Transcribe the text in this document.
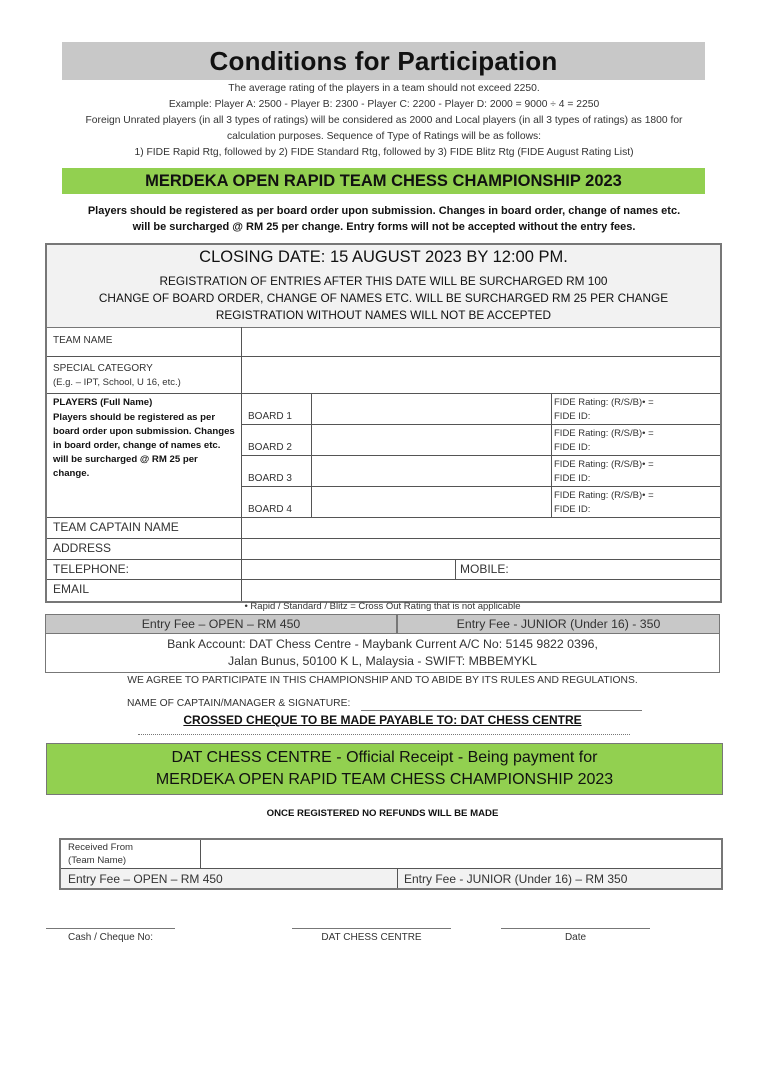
Conditions for Participation
The average rating of the players in a team should not exceed 2250.
Example: Player A: 2500 - Player B: 2300 - Player C: 2200 - Player D: 2000 = 9000 ÷ 4 = 2250
Foreign Unrated players (in all 3 types of ratings) will be considered as 2000 and Local players (in all 3 types of ratings) as 1800 for
calculation purposes. Sequence of Type of Ratings will be as follows:
1) FIDE Rapid Rtg, followed by 2) FIDE Standard Rtg, followed by 3) FIDE Blitz Rtg (FIDE August Rating List)
MERDEKA OPEN RAPID TEAM CHESS CHAMPIONSHIP 2023
Players should be registered as per board order upon submission. Changes in board order, change of names etc.
will be surcharged @ RM 25 per change. Entry forms will not be accepted without the entry fees.
CLOSING DATE: 15 AUGUST 2023 BY 12:00 PM.
REGISTRATION OF ENTRIES AFTER THIS DATE WILL BE SURCHARGED RM 100
CHANGE OF BOARD ORDER, CHANGE OF NAMES ETC. WILL BE SURCHARGED RM 25 PER CHANGE
REGISTRATION WITHOUT NAMES WILL NOT BE ACCEPTED
TEAM NAME
SPECIAL CATEGORY
(E.g. – IPT, School, U 16, etc.)
PLAYERS (Full Name)
Players should be registered as per board order upon submission. Changes in board order, change of names etc. will be surcharged @ RM 25 per change.
BOARD 1
FIDE Rating: (R/S/B)• =
FIDE ID:
BOARD 2
FIDE Rating: (R/S/B)• =
FIDE ID:
BOARD 3
FIDE Rating: (R/S/B)• =
FIDE ID:
BOARD 4
FIDE Rating: (R/S/B)• =
FIDE ID:
TEAM CAPTAIN NAME
ADDRESS
TELEPHONE:	MOBILE:
EMAIL
• Rapid / Standard / Blitz = Cross Out Rating that is not applicable
Entry Fee – OPEN – RM 450	Entry Fee - JUNIOR (Under 16) - 350
Bank Account: DAT Chess Centre - Maybank Current A/C No: 5145 9822 0396,
Jalan Bunus, 50100 K L, Malaysia - SWIFT: MBBEMYKL
WE AGREE TO PARTICIPATE IN THIS CHAMPIONSHIP AND TO ABIDE BY ITS RULES AND REGULATIONS.
NAME OF CAPTAIN/MANAGER & SIGNATURE:
CROSSED CHEQUE TO BE MADE PAYABLE TO: DAT CHESS CENTRE
DAT CHESS CENTRE - Official Receipt - Being payment for
MERDEKA OPEN RAPID TEAM CHESS CHAMPIONSHIP 2023
ONCE REGISTERED NO REFUNDS WILL BE MADE
Received From
(Team Name)
Entry Fee – OPEN – RM 450	Entry Fee - JUNIOR (Under 16) – RM 350
Cash / Cheque No:	DAT CHESS CENTRE	Date
